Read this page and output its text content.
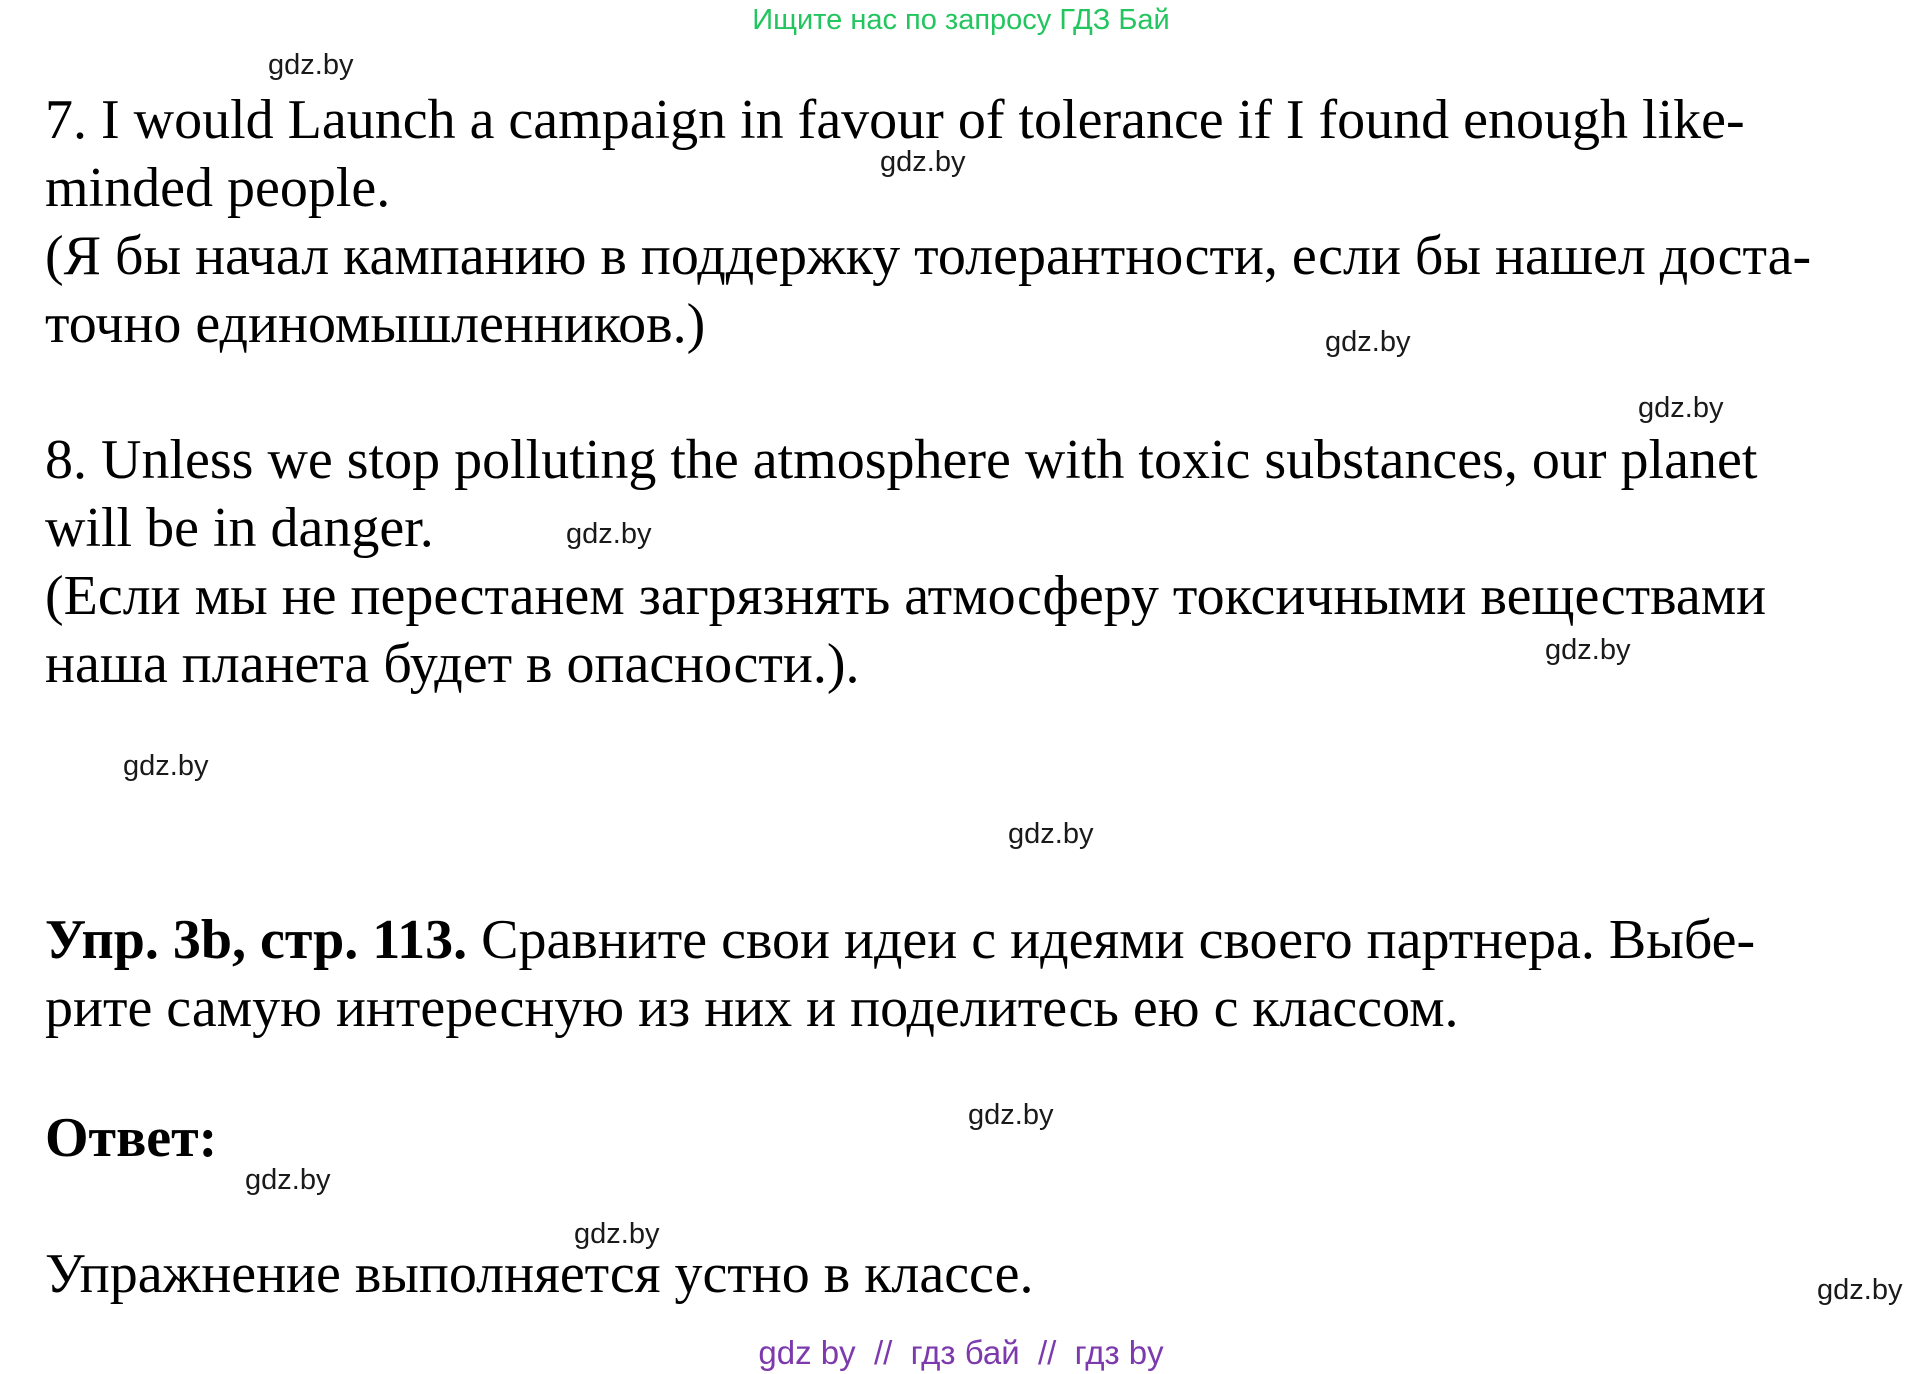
Ищите нас по запросу ГДЗ Бай
gdz.by
gdz.by
gdz.by
gdz.by
gdz.by
gdz.by
gdz.by
gdz.by
gdz.by
gdz.by
gdz.by
gdz.by

7. I would Launch a campaign in favour of tolerance if I found enough like-

minded people.

(Я бы начал кампанию в поддержку толерантности, если бы нашел доста-

точно единомышленников.)

8. Unless we stop polluting the atmosphere with toxic substances, our planet

will be in danger.

(Если мы не перестанем загрязнять атмосферу токсичными веществами

наша планета будет в опасности.).

Упр. 3b, стр. 113. Сравните свои идеи с идеями своего партнера. Выбе-

рите самую интересную из них и поделитесь ею с классом.

Ответ:

Упражнение выполняется устно в классе.

gdz by  //  гдз бай  //  гдз by
